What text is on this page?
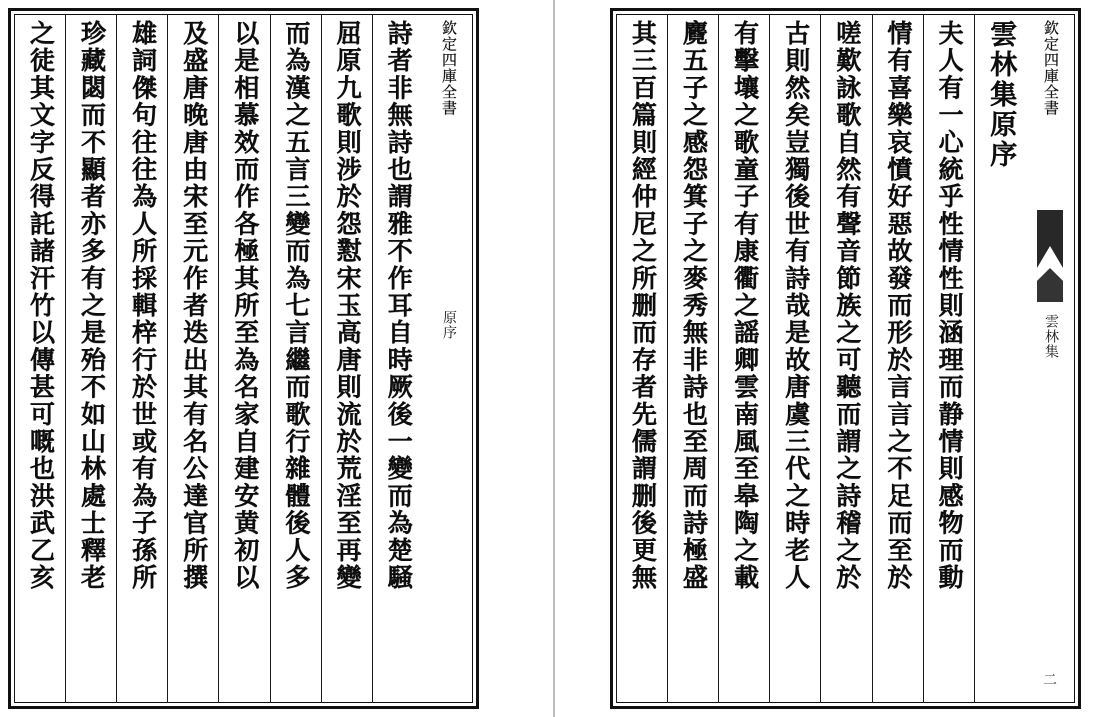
欽定四庫全書
雲林集
二
雲林集原序
夫人有一心統乎性情性則涵理而静情則感物而動
情有喜樂哀憤好惡故發而形於言言之不足而至於
嗟歎詠歌自然有聲音節族之可聽而謂之詩稽之於
古則然矣豈獨後世有詩哉是故唐虞三代之時老人
有擊壤之歌童子有康衢之謡卿雲南風至皋陶之載
麑五子之感怨箕子之麥秀無非詩也至周而詩極盛
其三百篇則經仲尼之所删而存者先儒謂删後更無
欽定四庫全書
原序
詩者非無詩也謂雅不作耳自時厥後一變而為楚騒
屈原九歌則涉於怨懟宋玉高唐則流於荒淫至再變
而為漢之五言三變而為七言繼而歌行雜體後人多
以是相慕效而作各極其所至為名家自建安黄初以
及盛唐晚唐由宋至元作者迭出其有名公達官所撰
雄詞傑句往往為人所採輯梓行於世或有為子孫所
珍藏閟而不顯者亦多有之是殆不如山林處士釋老
之徒其文字反得託諸汗竹以傳甚可嘅也洪武乙亥
